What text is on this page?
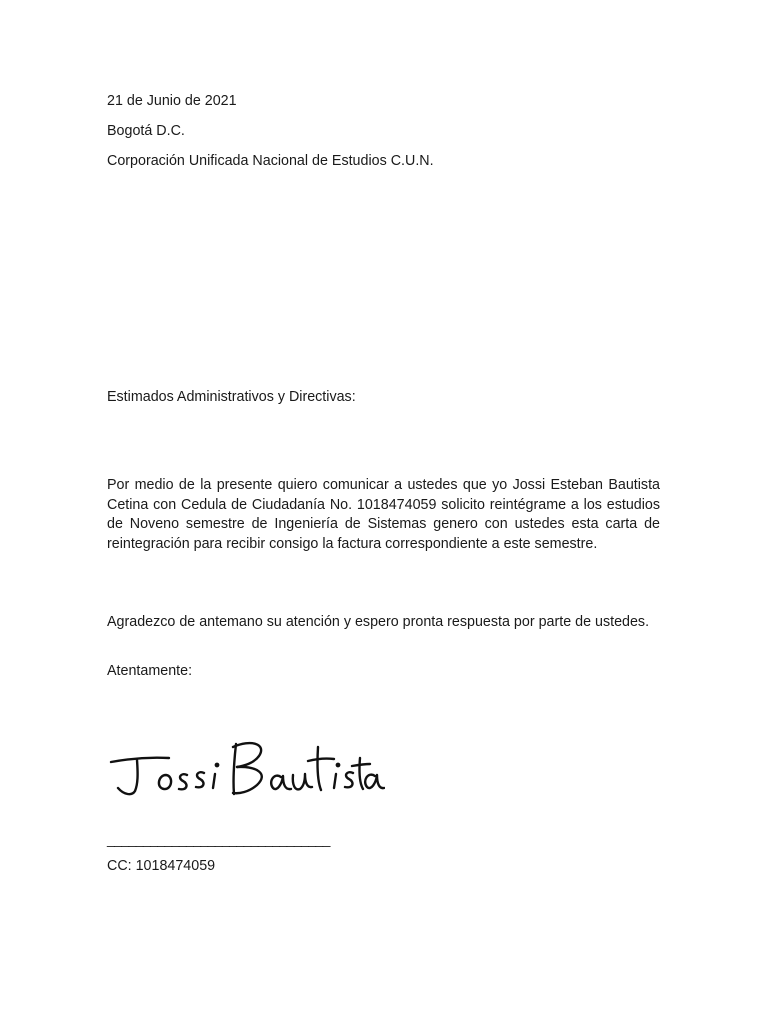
21 de Junio de 2021
Bogotá D.C.
Corporación Unificada Nacional de Estudios C.U.N.
Estimados Administrativos y Directivas:

Por medio de la presente quiero comunicar a ustedes que yo Jossi Esteban Bautista Cetina con Cedula de Ciudadanía No. 1018474059 solicito reintégrame a los estudios de Noveno semestre de Ingeniería de Sistemas genero con ustedes esta carta de reintegración para recibir consigo la factura correspondiente a este semestre.

Agradezco de antemano su atención y espero pronta respuesta por parte de ustedes.

Atentamente:
_______________________________
CC: 1018474059
